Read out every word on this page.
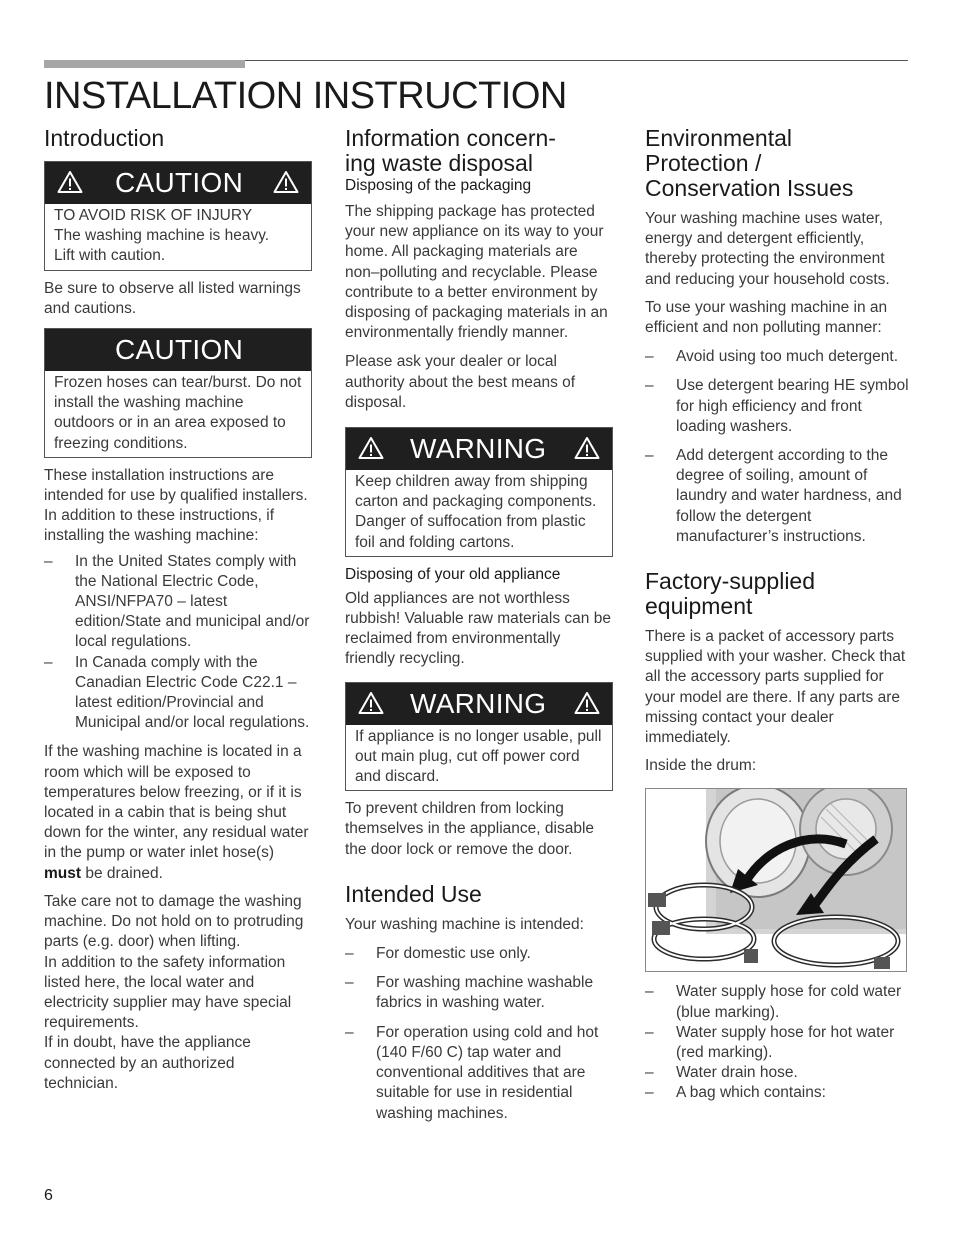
INSTALLATION INSTRUCTION
Introduction
CAUTION

TO AVOID RISK OF INJURY

The washing machine is heavy.

Lift with caution.

Be sure to observe all listed warnings and cautions.

CAUTION

Frozen hoses can tear/burst. Do not install the washing machine outdoors or in an area exposed to freezing conditions.

These installation instructions are intended for use by qualified installers. In addition to these instructions, if installing the washing machine:

– In the United States comply with the National Electric Code, ANSI/NFPA70 – latest edition/State and municipal and/or local regulations.
– In Canada comply with the Canadian Electric Code C22.1 – latest edition/Provincial and Municipal and/or local regulations.

If the washing machine is located in a room which will be exposed to temperatures below freezing, or if it is located in a cabin that is being shut down for the winter, any residual water in the pump or water inlet hose(s) must be drained.

Take care not to damage the washing machine. Do not hold on to protruding parts (e.g. door) when lifting.

In addition to the safety information listed here, the local water and electricity supplier may have special requirements.

If in doubt, have the appliance connected by an authorized technician.

Information concern-
ing waste disposal
Disposing of the packaging

The shipping package has protected your new appliance on its way to your home. All packaging materials are non–polluting and recyclable. Please contribute to a better environment by disposing of packaging materials in an environmentally friendly manner.

Please ask your dealer or local authority about the best means of disposal.

WARNING

Keep children away from shipping carton and packaging components. Danger of suffocation from plastic foil and folding cartons.

Disposing of your old appliance

Old appliances are not worthless rubbish! Valuable raw materials can be reclaimed from environmentally friendly recycling.

WARNING

If appliance is no longer usable, pull out main plug, cut off power cord and discard.

To prevent children from locking themselves in the appliance, disable the door lock or remove the door.

Intended Use

Your washing machine is intended:

– For domestic use only.
– For washing machine washable fabrics in washing water.
– For operation using cold and hot (140 F/60 C) tap water and conventional additives that are suitable for use in residential washing machines.
Environmental
Protection /
Conservation Issues

Your washing machine uses water, energy and detergent efficiently, thereby protecting the environment and reducing your household costs.

To use your washing machine in an efficient and non polluting manner:

– Avoid using too much detergent.
– Use detergent bearing HE symbol for high efficiency and front loading washers.
– Add detergent according to the degree of soiling, amount of laundry and water hardness, and follow the detergent manufacturer’s instructions.
Factory-supplied
equipment

There is a packet of accessory parts supplied with your washer. Check that all the accessory parts supplied for your model are there. If any parts are missing contact your dealer immediately.

Inside the drum:

– Water supply hose for cold water (blue marking).
– Water supply hose for hot water (red marking).
– Water drain hose.
– A bag which contains:
6
